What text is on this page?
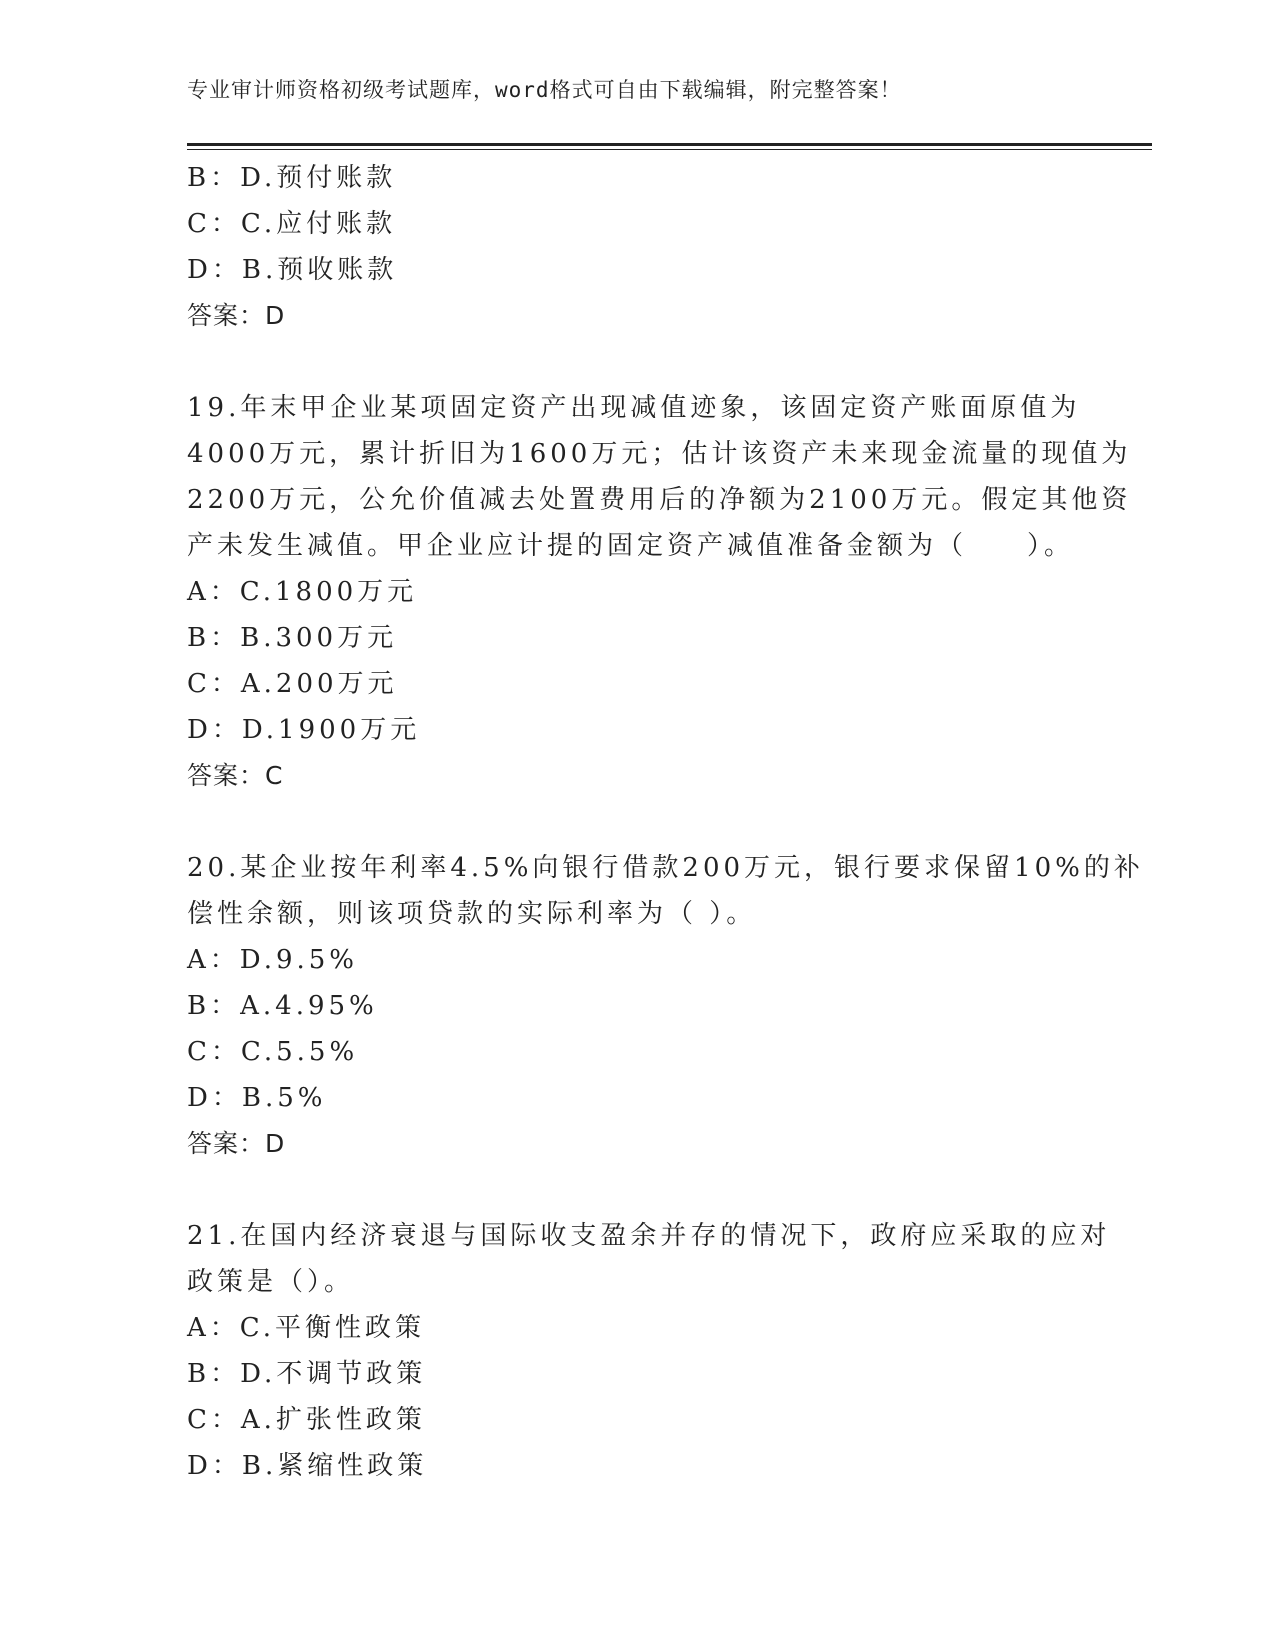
专业审计师资格初级考试题库，word格式可自由下载编辑，附完整答案！
B：D.预付账款
C：C.应付账款
D：B.预收账款
答案：D
19.年末甲企业某项固定资产出现减值迹象，该固定资产账面原值为
4000万元，累计折旧为1600万元；估计该资产未来现金流量的现值为
2200万元，公允价值减去处置费用后的净额为2100万元。假定其他资
产未发生减值。甲企业应计提的固定资产减值准备金额为（　　）。
A：C.1800万元
B：B.300万元
C：A.200万元
D：D.1900万元
答案：C
20.某企业按年利率4.5%向银行借款200万元，银行要求保留10%的补
偿性余额，则该项贷款的实际利率为（ ）。
A：D.9.5%
B：A.4.95%
C：C.5.5%
D：B.5%
答案：D
21.在国内经济衰退与国际收支盈余并存的情况下，政府应采取的应对
政策是（）。
A：C.平衡性政策
B：D.不调节政策
C：A.扩张性政策
D：B.紧缩性政策
